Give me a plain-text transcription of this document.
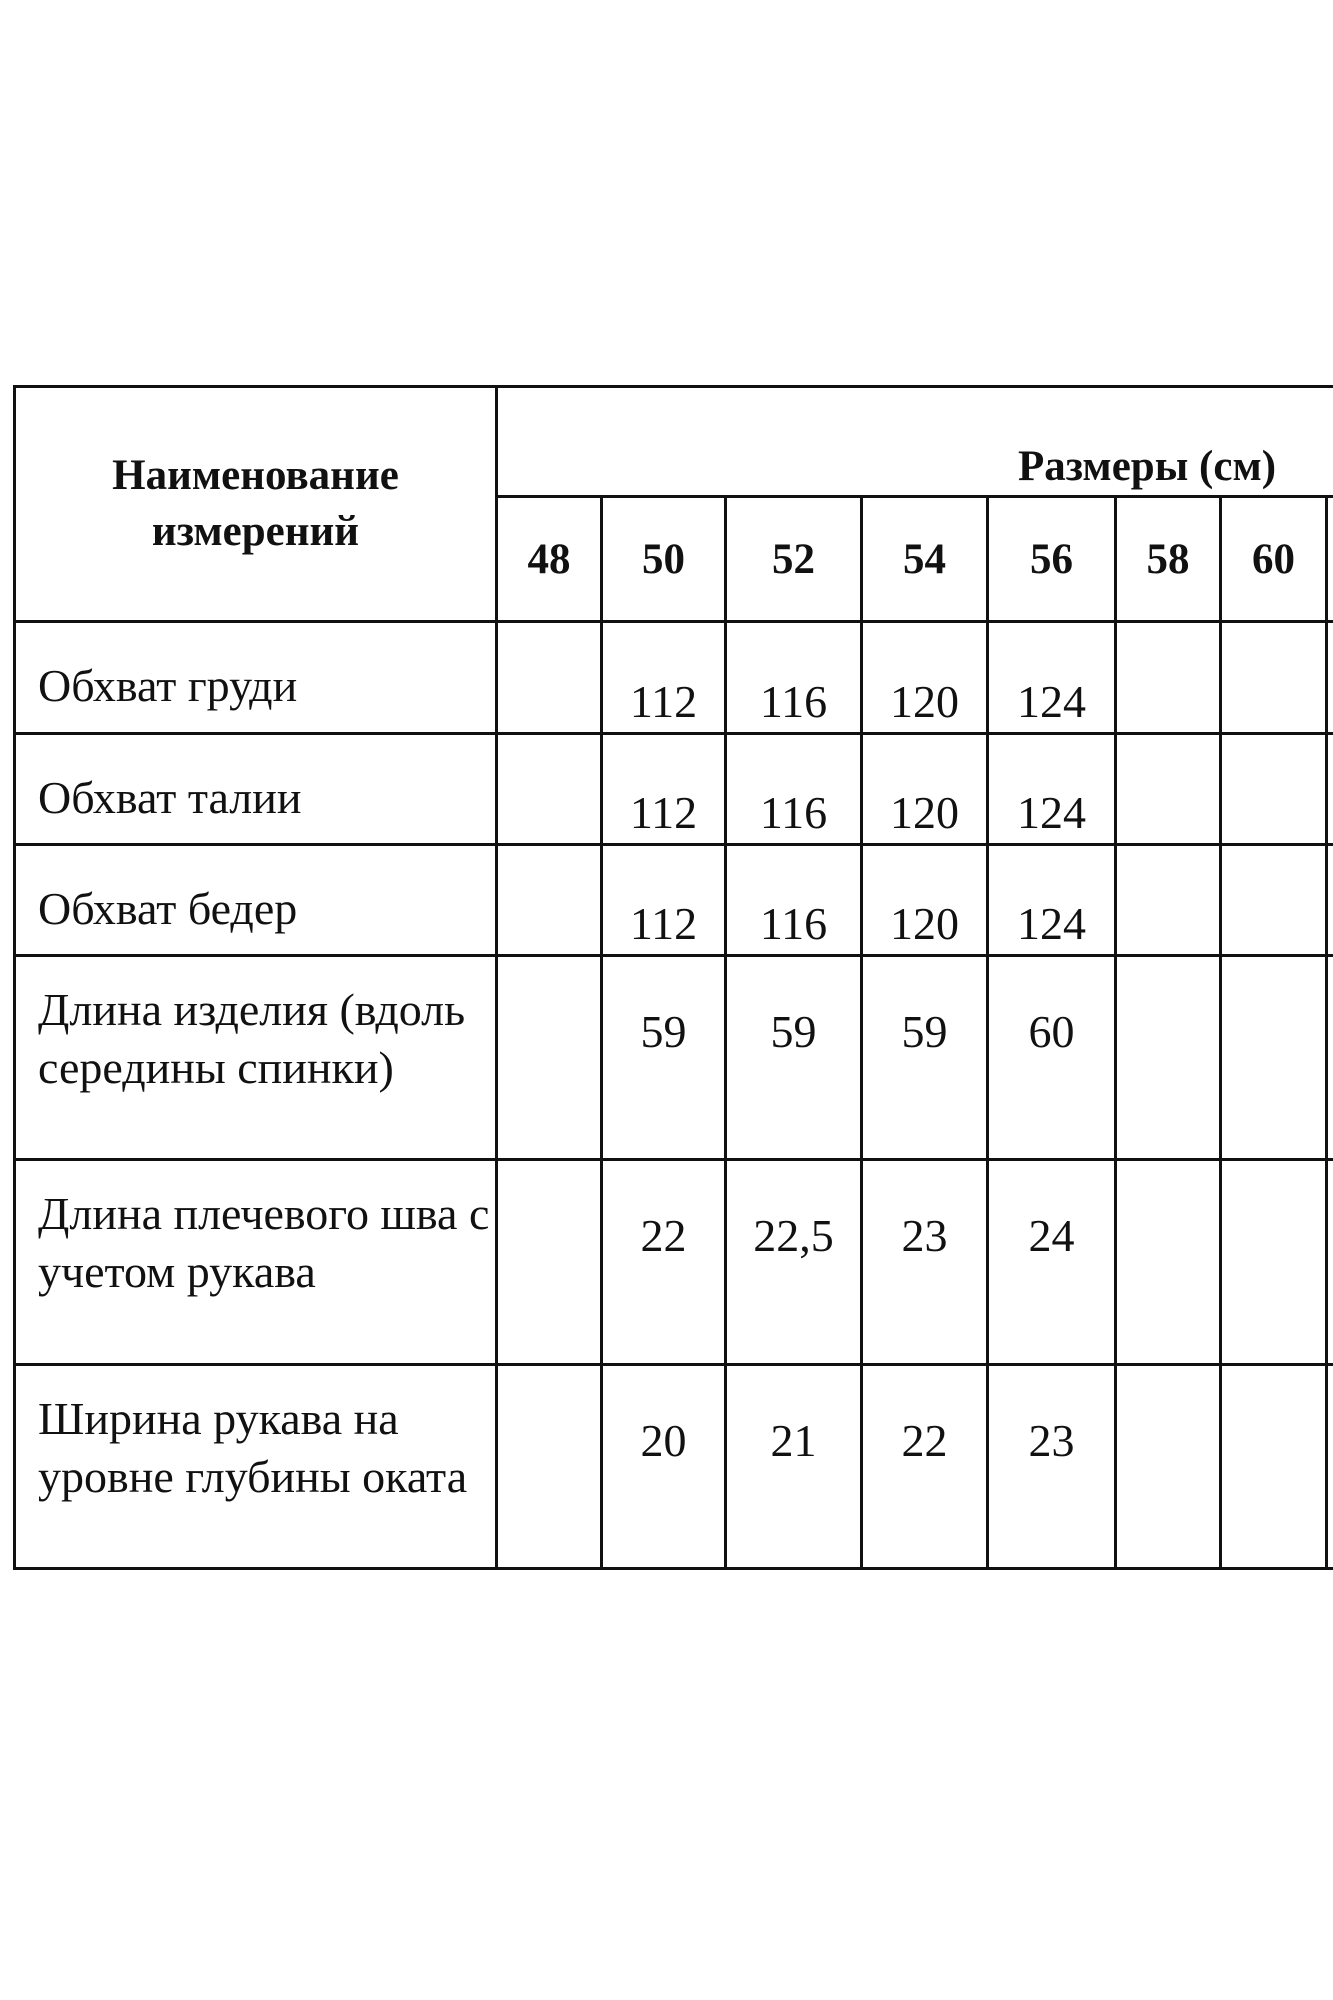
Наименование измерений	Размеры (см)							

	48	50	52	54	56	58	60	
Обхват груди		112	116	120	124			
Обхват талии		112	116	120	124			
Обхват бедер		112	116	120	124			
Длина изделия (вдоль середины спинки)		59	59	59	60			
Длина плечевого шва с учетом рукава		22	22,5	23	24			
Ширина рукава на уровне глубины оката		20	21	22	23			
